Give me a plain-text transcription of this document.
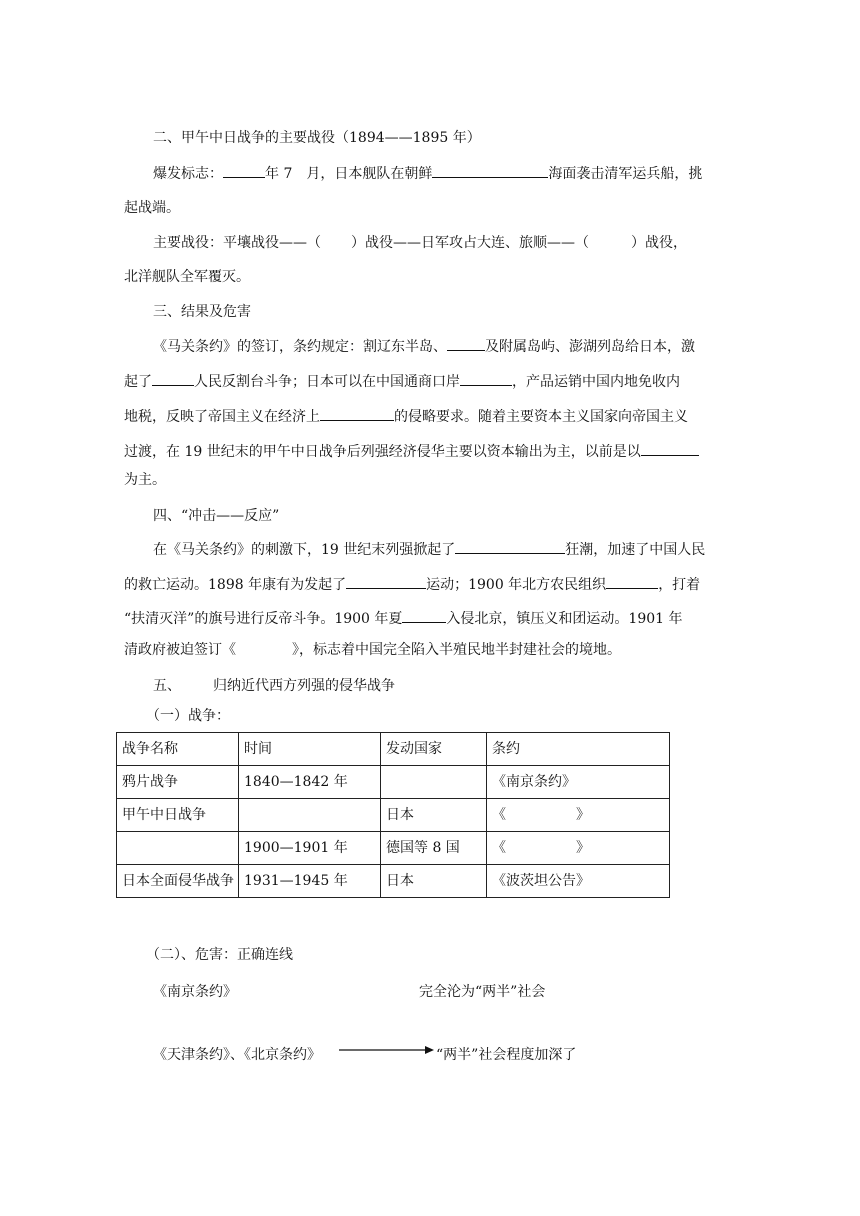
二、甲午中日战争的主要战役（1894——1895 年）
爆发标志：	年 7　月，日本舰队在朝鲜	海面袭击清军运兵船，挑
起战端。
主要战役：平壤战役——（ ）战役——日军攻占大连、旅顺——（	）战役，
北洋舰队全军覆灭。
三、结果及危害
《马关条约》的签订，条约规定：割辽东半岛、	及附属岛屿、澎湖列岛给日本，激
起了	人民反割台斗争；日本可以在中国通商口岸	，产品运销中国内地免收内
地税，反映了帝国主义在经济上	的侵略要求。随着主要资本主义国家向帝国主义
过渡，在 19 世纪末的甲午中日战争后列强经济侵华主要以资本输出为主，以前是以
为主。
四、“冲击——反应”
在《马关条约》的刺激下，19 世纪末列强掀起了	狂潮，加速了中国人民
的救亡运动。1898 年康有为发起了	运动；1900 年北方农民组织	，打着
“扶清灭洋”的旗号进行反帝斗争。1900 年夏	入侵北京，镇压义和团运动。1901 年
清政府被迫签订《	》，标志着中国完全陷入半殖民地半封建社会的境地。
五、 归纳近代西方列强的侵华战争
（一）战争：
战争名称	时间	发动国家	条约
鸦片战争	1840—1842 年		《南京条约》
甲午中日战争		日本	《　　　　　》
	1900—1901 年	德国等 8 国	《　　　　　》
日本全面侵华战争	1931—1945 年	日本	《波茨坦公告》
（二）、危害：正确连线
《南京条约》	完全沦为“两半”社会
《天津条约》、《北京条约》	“两半”社会程度加深了
